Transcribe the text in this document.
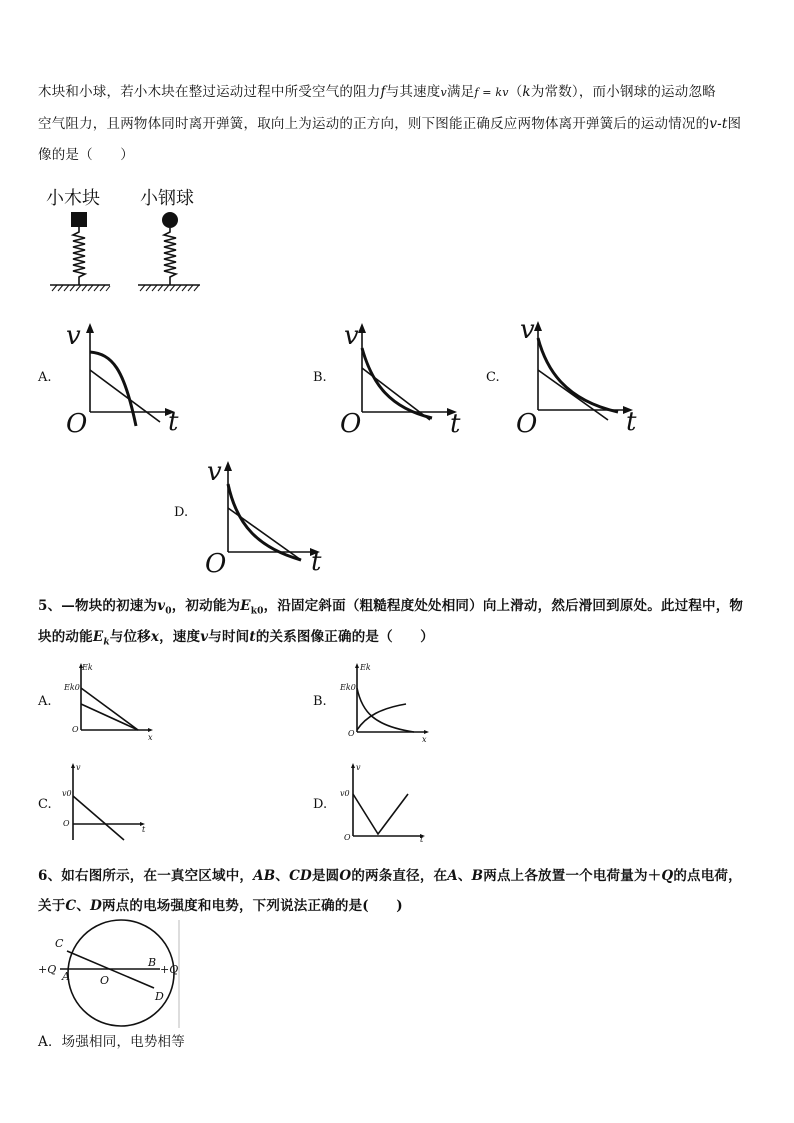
木块和小球，若小木块在整过运动过程中所受空气的阻力f与其速度v满足f = kv（k为常数），而小钢球的运动忽略
空气阻力，且两物体同时离开弹簧，取向上为运动的正方向，则下图能正确反应两物体离开弹簧后的运动情况的v-t图
像的是（　　）
小木块 小钢球
A.
v
O	t
B.
v
O	t
C.
v
O	t
D.
v
O	t
5、—物块的初速为$v_0$，初动能为$E_{k0}$，沿固定斜面（粗糙程度处处相同）向上滑动，然后滑回到原处。此过程中，物
块的动能$E_k$与位移x，速度v与时间t的关系图像正确的是（　　）
A.
Ek
Ek0
O
x
B.
Ek
Ek0
O
x
C.
v
v0
O
t
D.
v
v0
O	t
6、如右图所示，在一真空区域中，AB、CD是圆O的两条直径，在A、B两点上各放置一个电荷量为＋Q的点电荷，
关于C、D两点的电场强度和电势，下列说法正确的是(　　)
C
+Q
A	O
B
+Q
D
A．场强相同，电势相等
